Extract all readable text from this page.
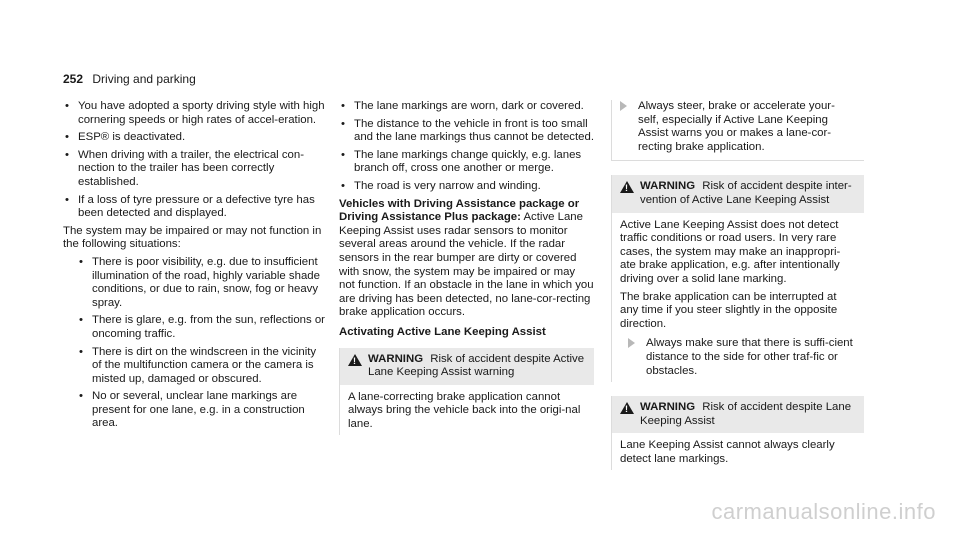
252 Driving and parking
• You have adopted a sporty driving style with high cornering speeds or high rates of accel-eration.
• ESP® is deactivated.
• When driving with a trailer, the electrical con-nection to the trailer has been correctly established.
• If a loss of tyre pressure or a defective tyre has been detected and displayed.

The system may be impaired or may not function in the following situations:

• There is poor visibility, e.g. due to insufficient illumination of the road, highly variable shade conditions, or due to rain, snow, fog or heavy spray.
• There is glare, e.g. from the sun, reflections or oncoming traffic.
• There is dirt on the windscreen in the vicinity of the multifunction camera or the camera is misted up, damaged or obscured.
• No or several, unclear lane markings are present for one lane, e.g. in a construction area.
• The lane markings are worn, dark or covered.
• The distance to the vehicle in front is too small and the lane markings thus cannot be detected.
• The lane markings change quickly, e.g. lanes branch off, cross one another or merge.
• The road is very narrow and winding.

Vehicles with Driving Assistance package or Driving Assistance Plus package: Active Lane Keeping Assist uses radar sensors to monitor several areas around the vehicle. If the radar sensors in the rear bumper are dirty or covered with snow, the system may be impaired or may not function. If an obstacle in the lane in which you are driving has been detected, no lane-cor-recting brake application occurs.

Activating Active Lane Keeping Assist

!
WARNING Risk of accident despite Active Lane Keeping Assist warning
A lane-correcting brake application cannot always bring the vehicle back into the origi-nal lane.
Always steer, brake or accelerate your-self, especially if Active Lane Keeping Assist warns you or makes a lane-cor-recting brake application.
!
WARNING Risk of accident despite inter-vention of Active Lane Keeping Assist

Active Lane Keeping Assist does not detect traffic conditions or road users. In very rare cases, the system may make an inappropri-ate brake application, e.g. after intentionally driving over a solid lane marking.

The brake application can be interrupted at any time if you steer slightly in the opposite direction.

Always make sure that there is suffi-cient distance to the side for other traf-fic or obstacles.
!
WARNING Risk of accident despite Lane Keeping Assist
Lane Keeping Assist cannot always clearly detect lane markings.
carmanualsonline.info
